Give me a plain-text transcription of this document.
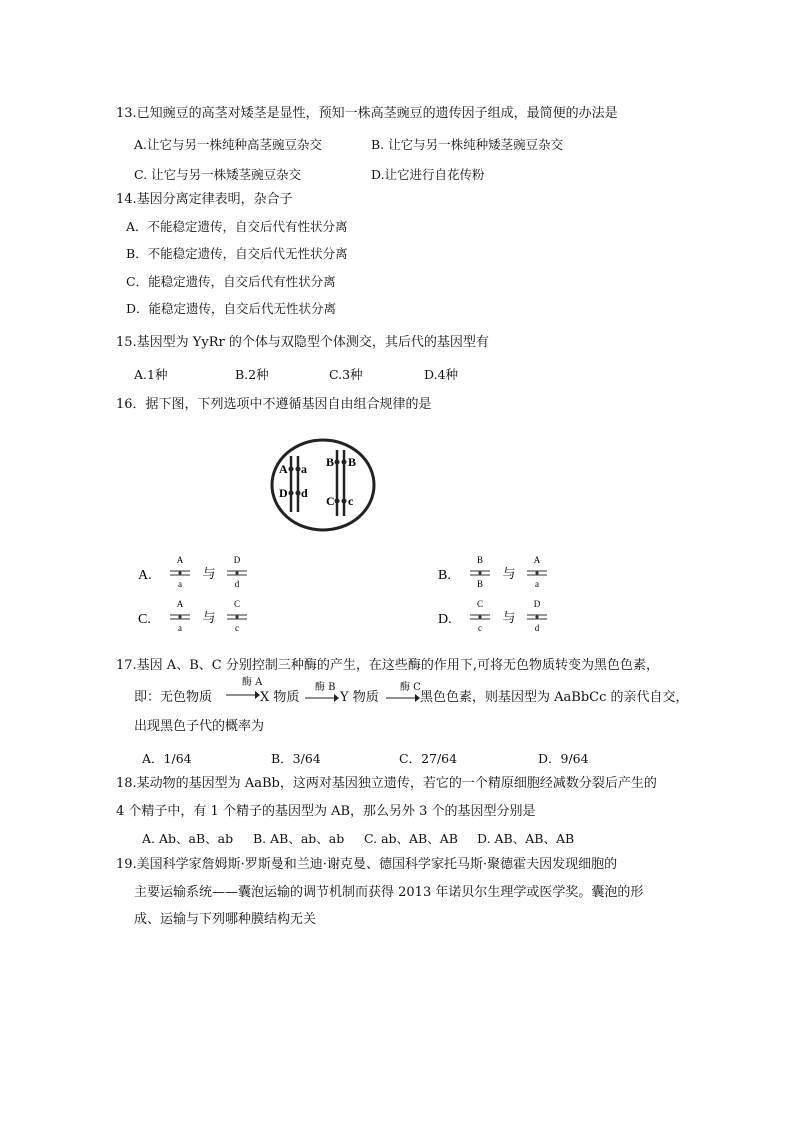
13.已知豌豆的高茎对矮茎是显性，预知一株高茎豌豆的遗传因子组成，最简便的办法是
A.让它与另一株纯种高茎豌豆杂交	B. 让它与另一株纯种矮茎豌豆杂交
C. 让它与另一株矮茎豌豆杂交	D.让它进行自花传粉
14.基因分离定律表明，杂合子
A．不能稳定遗传，自交后代有性状分离
B．不能稳定遗传，自交后代无性状分离
C．能稳定遗传，自交后代有性状分离
D．能稳定遗传，自交后代无性状分离
15.基因型为 YyRr 的个体与双隐型个体测交，其后代的基因型有
A.1种	B.2种	C.3种	D.4种
16．据下图，下列选项中不遵循基因自由组合规律的是
A a
D d
B B
C c
A.
A
a
与
D
d
B.
B
B
与
A
a
C.
A
a
与
C
c
D.
C
c
与
D
d
17.基因 A、B、C 分别控制三种酶的产生，在这些酶的作用下,可将无色物质转变为黑色色素，
即：无色物质
酶 A
X 物质
酶 B
Y 物质
酶 C
黑色色素，则基因型为 AaBbCc 的亲代自交，
出现黑色子代的概率为
A．1/64	B．3/64	C．27/64	D．9/64
18.某动物的基因型为 AaBb，这两对基因独立遗传，若它的一个精原细胞经减数分裂后产生的
4 个精子中，有 1 个精子的基因型为 AB，那么另外 3 个的基因型分别是
A. Ab、aB、ab B. AB、ab、ab C. ab、AB、AB D. AB、AB、AB
19.美国科学家詹姆斯·罗斯曼和兰迪·谢克曼、德国科学家托马斯·聚德霍夫因发现细胞的
主要运输系统——囊泡运输的调节机制而获得 2013 年诺贝尔生理学或医学奖。囊泡的形
成、运输与下列哪种膜结构无关
